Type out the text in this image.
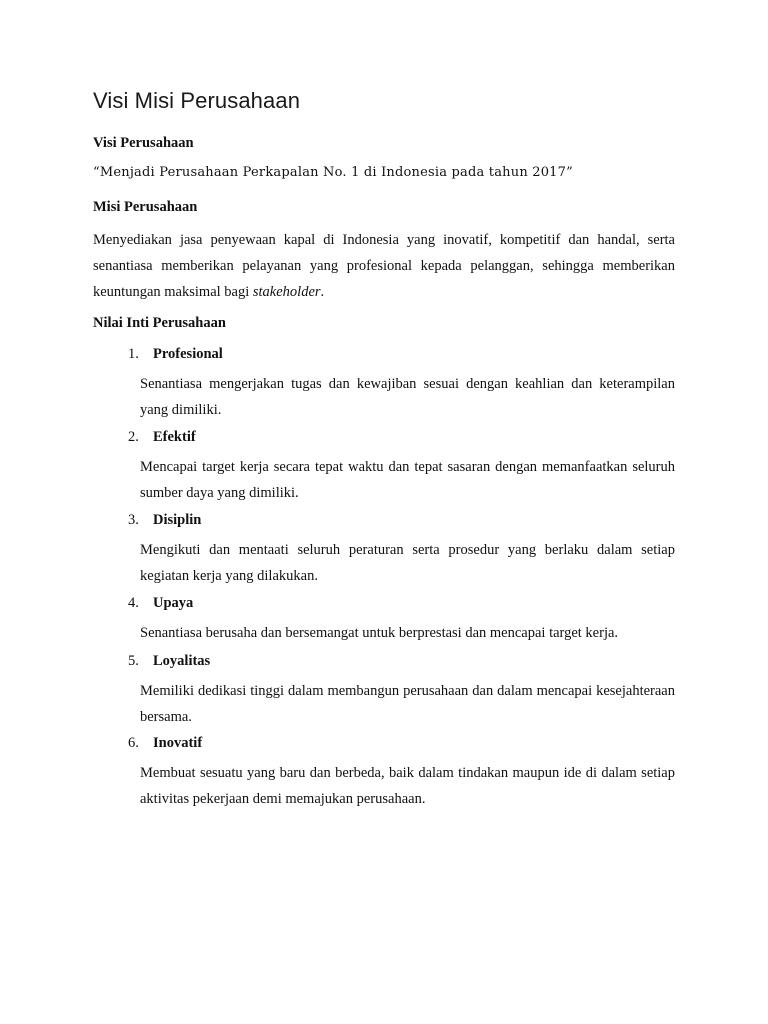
Visi Misi Perusahaan

Visi Perusahaan

“Menjadi Perusahaan Perkapalan No. 1 di Indonesia pada tahun 2017”

Misi Perusahaan

Menyediakan jasa penyewaan kapal di Indonesia yang inovatif, kompetitif dan handal, serta senantiasa memberikan pelayanan yang profesional kepada pelanggan, sehingga memberikan keuntungan maksimal bagi stakeholder.

Nilai Inti Perusahaan

1. Profesional

Senantiasa mengerjakan tugas dan kewajiban sesuai dengan keahlian dan keterampilan yang dimiliki.

2. Efektif

Mencapai target kerja secara tepat waktu dan tepat sasaran dengan memanfaatkan seluruh sumber daya yang dimiliki.

3. Disiplin

Mengikuti dan mentaati seluruh peraturan serta prosedur yang berlaku dalam setiap kegiatan kerja yang dilakukan.

4. Upaya

Senantiasa berusaha dan bersemangat untuk berprestasi dan mencapai target kerja.

5. Loyalitas

Memiliki dedikasi tinggi dalam membangun perusahaan dan dalam mencapai kesejahteraan bersama.

6. Inovatif

Membuat sesuatu yang baru dan berbeda, baik dalam tindakan maupun ide di dalam setiap aktivitas pekerjaan demi memajukan perusahaan.
